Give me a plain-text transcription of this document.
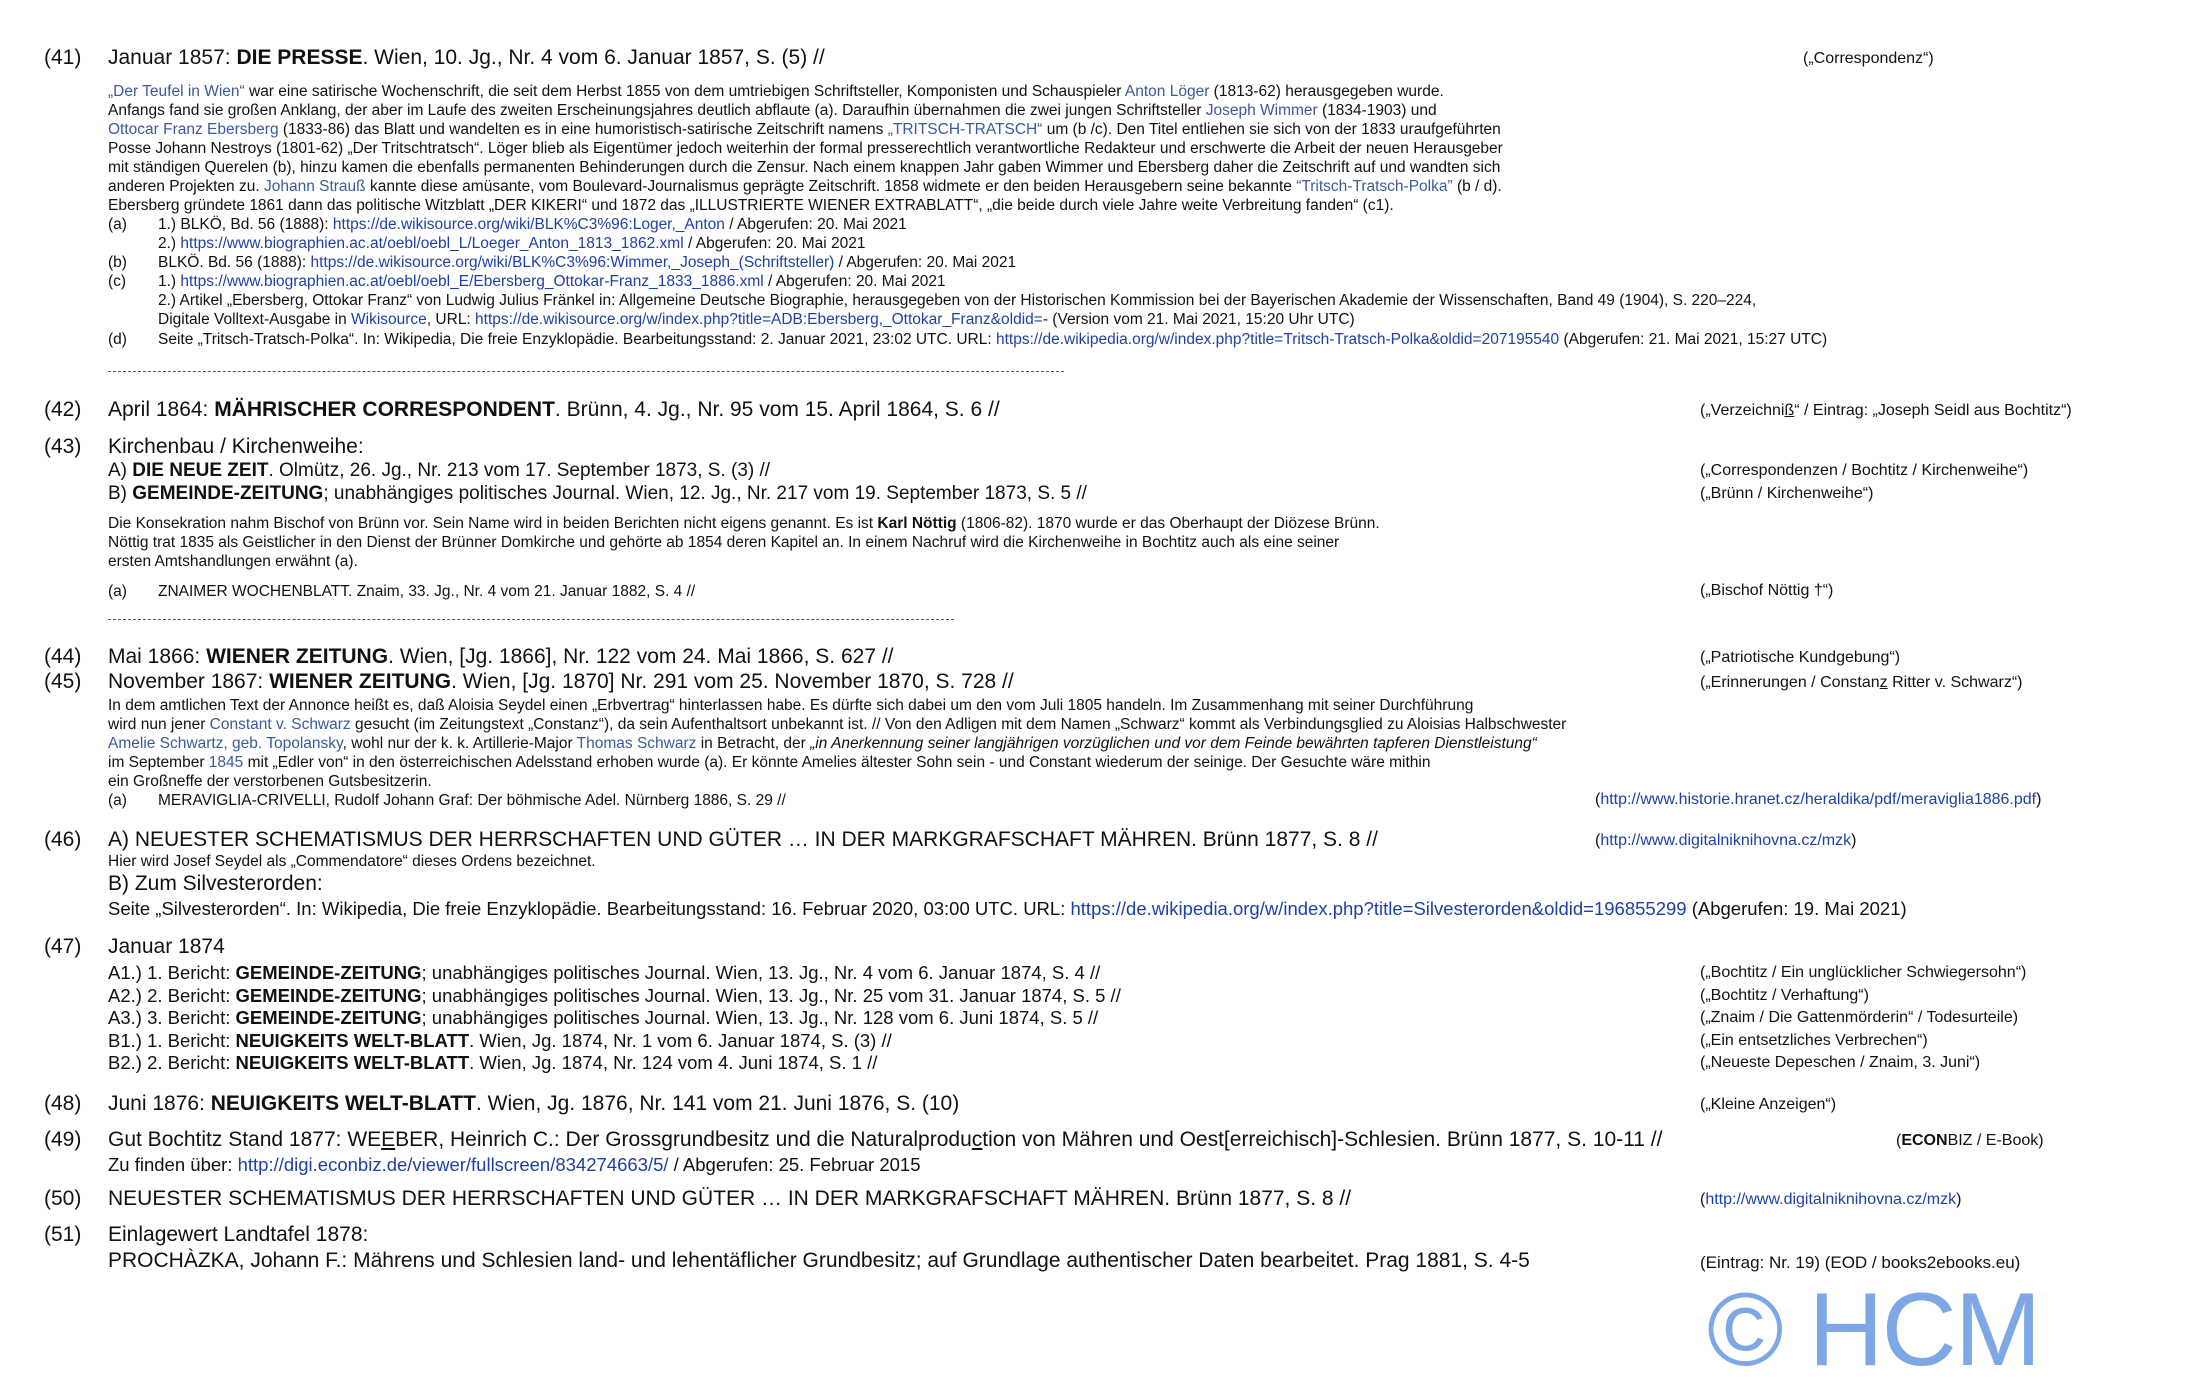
(41) Januar 1857: DIE PRESSE. Wien, 10. Jg., Nr. 4 vom 6. Januar 1857, S. (5) //	(„Correspondenz“)
„Der Teufel in Wien“ war eine satirische Wochenschrift, die seit dem Herbst 1855 von dem umtriebigen Schriftsteller, Komponisten und Schauspieler Anton Löger (1813-62) herausgegeben wurde.
Anfangs fand sie großen Anklang, der aber im Laufe des zweiten Erscheinungsjahres deutlich abflaute (a). Daraufhin übernahmen die zwei jungen Schriftsteller Joseph Wimmer (1834-1903) und
Ottocar Franz Ebersberg (1833-86) das Blatt und wandelten es in eine humoristisch-satirische Zeitschrift namens „TRITSCH-TRATSCH“ um (b /c). Den Titel entliehen sie sich von der 1833 uraufgeführten
Posse Johann Nestroys (1801-62) „Der Tritschtratsch“. Löger blieb als Eigentümer jedoch weiterhin der formal presserechtlich verantwortliche Redakteur und erschwerte die Arbeit der neuen Herausgeber
mit ständigen Querelen (b), hinzu kamen die ebenfalls permanenten Behinderungen durch die Zensur. Nach einem knappen Jahr gaben Wimmer und Ebersberg daher die Zeitschrift auf und wandten sich
anderen Projekten zu. Johann Strauß kannte diese amüsante, vom Boulevard-Journalismus geprägte Zeitschrift. 1858 widmete er den beiden Herausgebern seine bekannte “Tritsch-Tratsch-Polka” (b / d).
Ebersberg gründete 1861 dann das politische Witzblatt „DER KIKERI“ und 1872 das „ILLUSTRIERTE WIENER EXTRABLATT“, „die beide durch viele Jahre weite Verbreitung fanden“ (c1).
(a) 1.) BLKÖ, Bd. 56 (1888): https://de.wikisource.org/wiki/BLK%C3%96:Loger,_Anton / Abgerufen: 20. Mai 2021
2.) https://www.biographien.ac.at/oebl/oebl_L/Loeger_Anton_1813_1862.xml / Abgerufen: 20. Mai 2021
(b) BLKÖ. Bd. 56 (1888): https://de.wikisource.org/wiki/BLK%C3%96:Wimmer,_Joseph_(Schriftsteller) / Abgerufen: 20. Mai 2021
(c) 1.) https://www.biographien.ac.at/oebl/oebl_E/Ebersberg_Ottokar-Franz_1833_1886.xml / Abgerufen: 20. Mai 2021
2.) Artikel „Ebersberg, Ottokar Franz“ von Ludwig Julius Fränkel in: Allgemeine Deutsche Biographie, herausgegeben von der Historischen Kommission bei der Bayerischen Akademie der Wissenschaften, Band 49 (1904), S. 220–224,
Digitale Volltext-Ausgabe in Wikisource, URL: https://de.wikisource.org/w/index.php?title=ADB:Ebersberg,_Ottokar_Franz&oldid=- (Version vom 21. Mai 2021, 15:20 Uhr UTC)
(d) Seite „Tritsch-Tratsch-Polka“. In: Wikipedia, Die freie Enzyklopädie. Bearbeitungsstand: 2. Januar 2021, 23:02 UTC. URL: https://de.wikipedia.org/w/index.php?title=Tritsch-Tratsch-Polka&oldid=207195540 (Abgerufen: 21. Mai 2021, 15:27 UTC)
(42) April 1864: MÄHRISCHER CORRESPONDENT. Brünn, 4. Jg., Nr. 95 vom 15. April 1864, S. 6 //	(„Verzeichniß“ / Eintrag: „Joseph Seidl aus Bochtitz“)
(43) Kirchenbau / Kirchenweihe:
A) DIE NEUE ZEIT. Olmütz, 26. Jg., Nr. 213 vom 17. September 1873, S. (3) //	(„Correspondenzen / Bochtitz / Kirchenweihe“)
B) GEMEINDE-ZEITUNG; unabhängiges politisches Journal. Wien, 12. Jg., Nr. 217 vom 19. September 1873, S. 5 //	(„Brünn / Kirchenweihe“)
Die Konsekration nahm Bischof von Brünn vor. Sein Name wird in beiden Berichten nicht eigens genannt. Es ist Karl Nöttig (1806-82). 1870 wurde er das Oberhaupt der Diözese Brünn.
Nöttig trat 1835 als Geistlicher in den Dienst der Brünner Domkirche und gehörte ab 1854 deren Kapitel an. In einem Nachruf wird die Kirchenweihe in Bochtitz auch als eine seiner
ersten Amtshandlungen erwähnt (a).
(a) ZNAIMER WOCHENBLATT. Znaim, 33. Jg., Nr. 4 vom 21. Januar 1882, S. 4 //	(„Bischof Nöttig †“)
(44) Mai 1866: WIENER ZEITUNG. Wien, [Jg. 1866], Nr. 122 vom 24. Mai 1866, S. 627 //	(„Patriotische Kundgebung“)
(45) November 1867: WIENER ZEITUNG. Wien, [Jg. 1870] Nr. 291 vom 25. November 1870, S. 728 //	(„Erinnerungen / Constanz Ritter v. Schwarz“)
In dem amtlichen Text der Annonce heißt es, daß Aloisia Seydel einen „Erbvertrag“ hinterlassen habe. Es dürfte sich dabei um den vom Juli 1805 handeln. Im Zusammenhang mit seiner Durchführung
wird nun jener Constant v. Schwarz gesucht (im Zeitungstext „Constanz“), da sein Aufenthaltsort unbekannt ist. // Von den Adligen mit dem Namen „Schwarz“ kommt als Verbindungsglied zu Aloisias Halbschwester
Amelie Schwartz, geb. Topolansky, wohl nur der k. k. Artillerie-Major Thomas Schwarz in Betracht, der „in Anerkennung seiner langjährigen vorzüglichen und vor dem Feinde bewährten tapferen Dienstleistung“
im September 1845 mit „Edler von“ in den österreichischen Adelsstand erhoben wurde (a). Er könnte Amelies ältester Sohn sein - und Constant wiederum der seinige. Der Gesuchte wäre mithin
ein Großneffe der verstorbenen Gutsbesitzerin.
(a) MERAVIGLIA-CRIVELLI, Rudolf Johann Graf: Der böhmische Adel. Nürnberg 1886, S. 29 //	(http://www.historie.hranet.cz/heraldika/pdf/meraviglia1886.pdf)
(46) A) NEUESTER SCHEMATISMUS DER HERRSCHAFTEN UND GÜTER … IN DER MARKGRAFSCHAFT MÄHREN. Brünn 1877, S. 8 //	(http://www.digitalniknihovna.cz/mzk)
Hier wird Josef Seydel als „Commendatore“ dieses Ordens bezeichnet.
B) Zum Silvesterorden:
Seite „Silvesterorden“. In: Wikipedia, Die freie Enzyklopädie. Bearbeitungsstand: 16. Februar 2020, 03:00 UTC. URL: https://de.wikipedia.org/w/index.php?title=Silvesterorden&oldid=196855299 (Abgerufen: 19. Mai 2021)
(47) Januar 1874
A1.) 1. Bericht: GEMEINDE-ZEITUNG; unabhängiges politisches Journal. Wien, 13. Jg., Nr. 4 vom 6. Januar 1874, S. 4 //	(„Bochtitz / Ein unglücklicher Schwiegersohn“)
A2.) 2. Bericht: GEMEINDE-ZEITUNG; unabhängiges politisches Journal. Wien, 13. Jg., Nr. 25 vom 31. Januar 1874, S. 5 //	(„Bochtitz / Verhaftung“)
A3.) 3. Bericht: GEMEINDE-ZEITUNG; unabhängiges politisches Journal. Wien, 13. Jg., Nr. 128 vom 6. Juni 1874, S. 5 //	(„Znaim / Die Gattenmörderin“ / Todesurteile)
B1.) 1. Bericht: NEUIGKEITS WELT-BLATT. Wien, Jg. 1874, Nr. 1 vom 6. Januar 1874, S. (3) //	(„Ein entsetzliches Verbrechen“)
B2.) 2. Bericht: NEUIGKEITS WELT-BLATT. Wien, Jg. 1874, Nr. 124 vom 4. Juni 1874, S. 1 //	(„Neueste Depeschen / Znaim, 3. Juni“)
(48) Juni 1876: NEUIGKEITS WELT-BLATT. Wien, Jg. 1876, Nr. 141 vom 21. Juni 1876, S. (10)	(„Kleine Anzeigen“)
(49) Gut Bochtitz Stand 1877: WEEBER, Heinrich C.: Der Grossgrundbesitz und die Naturalproduction von Mähren und Oest[erreichisch]-Schlesien. Brünn 1877, S. 10-11 //	(ECONBIZ / E-Book)
Zu finden über: http://digi.econbiz.de/viewer/fullscreen/834274663/5/ / Abgerufen: 25. Februar 2015
(50) NEUESTER SCHEMATISMUS DER HERRSCHAFTEN UND GÜTER … IN DER MARKGRAFSCHAFT MÄHREN. Brünn 1877, S. 8 //	(http://www.digitalniknihovna.cz/mzk)
(51) Einlagewert Landtafel 1878:
PROCHÀZKA, Johann F.: Mährens und Schlesien land- und lehentäflicher Grundbesitz; auf Grundlage authentischer Daten bearbeitet. Prag 1881, S. 4-5	(Eintrag: Nr. 19) (EOD / books2ebooks.eu)
© HCM
